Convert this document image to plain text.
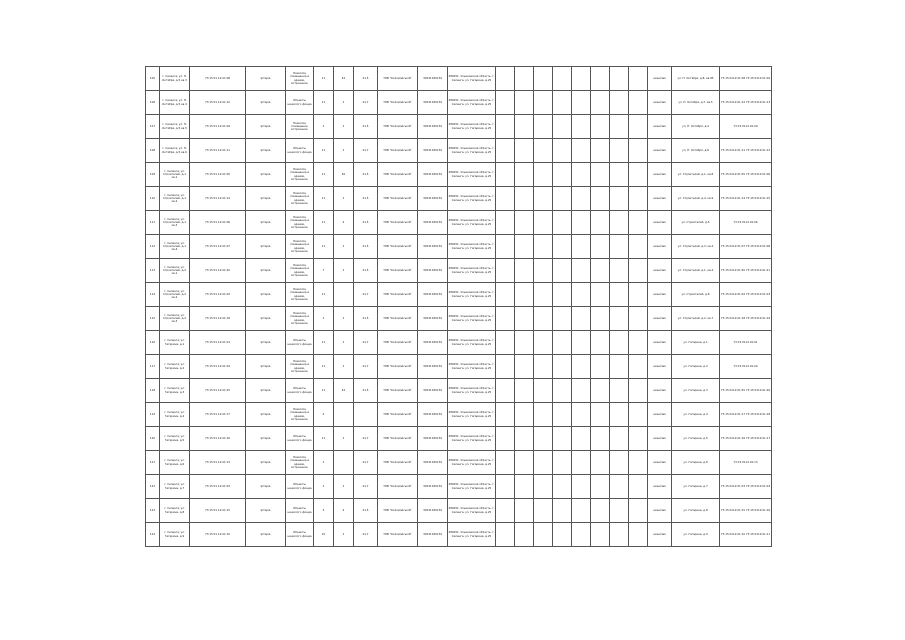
105	г. Селенга, ул. П. Октября, д.5 кв.3	73:15:01 12:01:08	Іртеріа	Нежилое помещение в здании, встроенное	11	42	41,5	ТОВ "Коломойській"	30541180139	289051, Ульяновская область, г. Селенга, ул. Гагарина, д.25									нежилая	ул. П. Октября, д.8, кв.85	73:15:0112:01:08 73:15:0112:01:09
106	г. Селенга, ул. П. Октября, д.5 кв.4	73:15:01 12:01:12	Іртеріа	Объекты нежилого фонда	11	1	41,7	ТОВ "Коломойській"	30541180139	289051, Ульяновская область, г. Селенга, ул. Гагарина, д.25									нежилая	ул. П. Октября, д.7, кв.5	73:15:0112:01:12 73:15:0112:01:13
107	г. Селенга, ул. П. Октября, д.5 кв.5	73:15:01 12:01:09	Іртеріа	Нежилое помещение встроенное	1	1	41,5	ТОВ "Коломойській"	30541180139	289051, Ульяновская область, г. Селенга, ул. Гагарина, д.25									нежилая	ул. П. Октября, д.4	73:15:0112:01:09
108	г. Селенга, ул. П. Октября, д.5 кв.6	73:15:01 12:01:11	Іртеріа	Объекты нежилого фонда	11	1	41,7	ТОВ "Коломойській"	30541180139	289051, Ульяновская область, г. Селенга, ул. Гагарина, д.25									нежилая	ул. П. Октября, д.8	73:15:0112:01:11 73:15:0112:01:12
109	г. Селенга, ул. Строителей, д.1 кв.1	73:15:01 12:01:05	Іртеріа	Нежилое помещение в здании, встроенное	11	40	41,5	ТОВ "Коломойській"	30541180139	289051, Ульяновская область, г. Селенга, ул. Гагарина, д.25									нежилая	ул. Строителей, д.1, кв.8	73:15:0112:01:05 73:15:0112:01:06
110	г. Селенга, ул. Строителей, д.1 кв.2	73:15:01 12:01:14	Іртеріа	Нежилое помещение в здании, встроенное	11	1	41,5	ТОВ "Коломойській"	30541180139	289051, Ульяновская область, г. Селенга, ул. Гагарина, д.25									нежилая	ул. Строителей, д.4, кв.9	73:15:0112:01:14 73:15:0112:01:15
111	г. Селенга, ул. Строителей, д.1 кв.3	73:15:01 12:01:06	Іртеріа	Нежилое помещение в здании, встроенное	11	4	41,5	ТОВ "Коломойській"	30541180139	289051, Ульяновская область, г. Селенга, ул. Гагарина, д.25									нежилая	ул. Строителей, д.5	73:15:0112:01:06
112	г. Селенга, ул. Строителей, д.1 кв.4	73:15:01 12:01:07	Іртеріа	Нежилое помещение в здании, встроенное	11	1	41,5	ТОВ "Коломойській"	30541180139	289051, Ульяновская область, г. Селенга, ул. Гагарина, д.25									нежилая	ул. Строителей, д.3, кв.4	73:15:0112:01:07 73:15:0112:01:08
113	г. Селенга, ул. Строителей, д.2 кв.1	73:15:01 12:01:20	Іртеріа	Нежилое помещение в здании, встроенное	7	1	41,5	ТОВ "Коломойській"	30541180139	289051, Ульяновская область, г. Селенга, ул. Гагарина, д.25									нежилая	ул. Строителей, д.1, кв.4	73:15:0112:01:20 73:15:0112:01:21
114	г. Селенга, ул. Строителей, д.2 кв.2	73:15:01 12:01:02	Іртеріа	Нежилое помещение в здании, встроенное	11		41,7	ТОВ "Коломойській"	30541180139	289051, Ульяновская область, г. Селенга, ул. Гагарина, д.25									нежилая	ул. Строителей, д.8	73:15:0112:01:02 73:15:0112:01:03
115	г. Селенга, ул. Строителей, д.2 кв.3	73:15:01 12:01:18	Іртеріа	Нежилое помещение в здании, встроенное	1	1	41,5	ТОВ "Коломойській"	30541180139	289051, Ульяновская область, г. Селенга, ул. Гагарина, д.25									нежилая	ул. Строителей, д.2, кв.7	73:15:0112:01:18 73:15:0112:01:19
116	г. Селенга, ул. Гагарина, д.1	73:15:01 12:01:01	Іртеріа	Объекты нежилого фонда	11	1	41,7	ТОВ "Коломойській"	30541180139	289051, Ульяновская область, г. Селенга, ул. Гагарина, д.25									нежилая	ул. Гагарина, д.1	73:15:0112:01:01
117	г. Селенга, ул. Гагарина, д.2	73:15:01 12:01:04	Іртеріа	Нежилое помещение в здании, встроенное	11	1	41,7	ТОВ "Коломойській"	30541180139	289051, Ульяновская область, г. Селенга, ул. Гагарина, д.25									нежилая	ул. Гагарина, д.2	73:15:0112:01:04
118	г. Селенга, ул. Гагарина, д.3	73:15:01 12:01:25	Іртеріа	Объекты нежилого фонда	11	42	41,5	ТОВ "Коломойській"	30541180139	289051, Ульяновская область, г. Селенга, ул. Гагарина, д.25									нежилая	ул. Гагарина, д.3	73:15:0112:01:25 73:15:0112:01:26
119	г. Селенга, ул. Гагарина, д.4	73:15:01 12:01:17	Іртеріа	Нежилое помещение в здании, встроенное	2			ТОВ "Коломойській"	30541180139	289051, Ульяновская область, г. Селенга, ул. Гагарина, д.25									нежилая	ул. Гагарина, д.4	73:15:0112:01:17 73:15:0112:01:18
120	г. Селенга, ул. Гагарина, д.5	73:15:01 12:01:16	Іртеріа	Объекты нежилого фонда	11	1	41,7	ТОВ "Коломойській"	30541180139	289051, Ульяновская область, г. Селенга, ул. Гагарина, д.25									нежилая	ул. Гагарина, д.5	73:15:0112:01:16 73:15:0112:01:17
121	г. Селенга, ул. Гагарина, д.6	73:15:01 12:01:13	Іртеріа	Нежилое помещение в здании, встроенное	1		41,7	ТОВ "Коломойській"	30541180139	289051, Ульяновская область, г. Селенга, ул. Гагарина, д.25									нежилая	ул. Гагарина, д.6	73:15:0112:01:13
122	г. Селенга, ул. Гагарина, д.7	73:15:01 12:01:03	Іртеріа	Объекты нежилого фонда	1	1	41,7	ТОВ "Коломойській"	30541180139	289051, Ульяновская область, г. Селенга, ул. Гагарина, д.25									нежилая	ул. Гагарина, д.7	73:15:0112:01:03 73:15:0112:01:04
123	г. Селенга, ул. Гагарина, д.8	73:15:01 12:01:15	Іртеріа	Объекты нежилого фонда	3	4	41,5	ТОВ "Коломойській"	30541180139	289051, Ульяновская область, г. Селенга, ул. Гагарина, д.25									нежилая	ул. Гагарина, д.8	73:15:0112:01:15 73:15:0112:01:16
124	г. Селенга, ул. Гагарина, д.9	73:15:01 12:01:10	Іртеріа	Объекты нежилого фонда	10	1	41,7	ТОВ "Коломойській"	30541180139	289051, Ульяновская область, г. Селенга, ул. Гагарина, д.25									нежилая	ул. Гагарина, д.9	73:15:0112:01:10 73:15:0112:01:11
